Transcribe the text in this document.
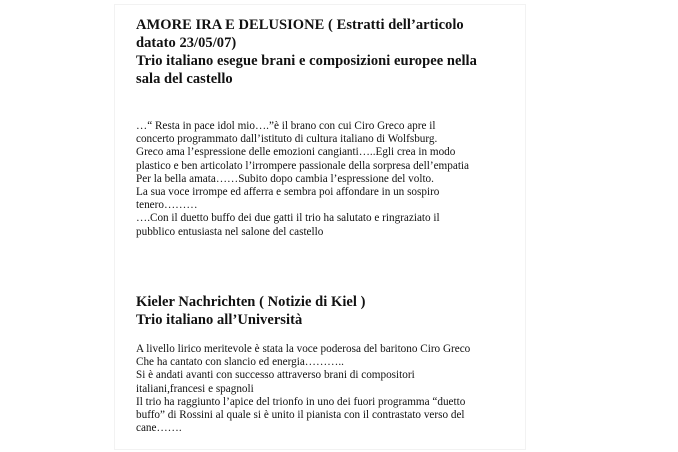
AMORE IRA E DELUSIONE ( Estratti dell’articolo

datato 23/05/07)

Trio italiano esegue brani e composizioni europee nella

sala del castello

…“ Resta in pace idol mio….”è il brano con cui Ciro Greco apre il

concerto programmato dall’istituto di cultura italiano di Wolfsburg.

Greco ama l’espressione delle emozioni cangianti…..Egli crea in modo

plastico e ben articolato l’irrompere passionale della sorpresa dell’empatia

Per la bella amata……Subito dopo cambia l’espressione del volto.

La sua voce irrompe ed afferra e sembra poi affondare in un sospiro

tenero………

….Con il duetto buffo dei due gatti il trio ha salutato e ringraziato il

pubblico entusiasta nel salone del castello

Kieler Nachrichten ( Notizie di Kiel )

Trio italiano all’Università

A livello lirico meritevole è stata la voce poderosa del baritono Ciro Greco

Che ha cantato con slancio ed energia………..

Si è andati avanti con successo attraverso brani di compositori

italiani,francesi e spagnoli

Il trio ha raggiunto l’apice del trionfo in uno dei fuori programma “duetto

buffo” di Rossini al quale si è unito il pianista con il contrastato verso del

cane…….
